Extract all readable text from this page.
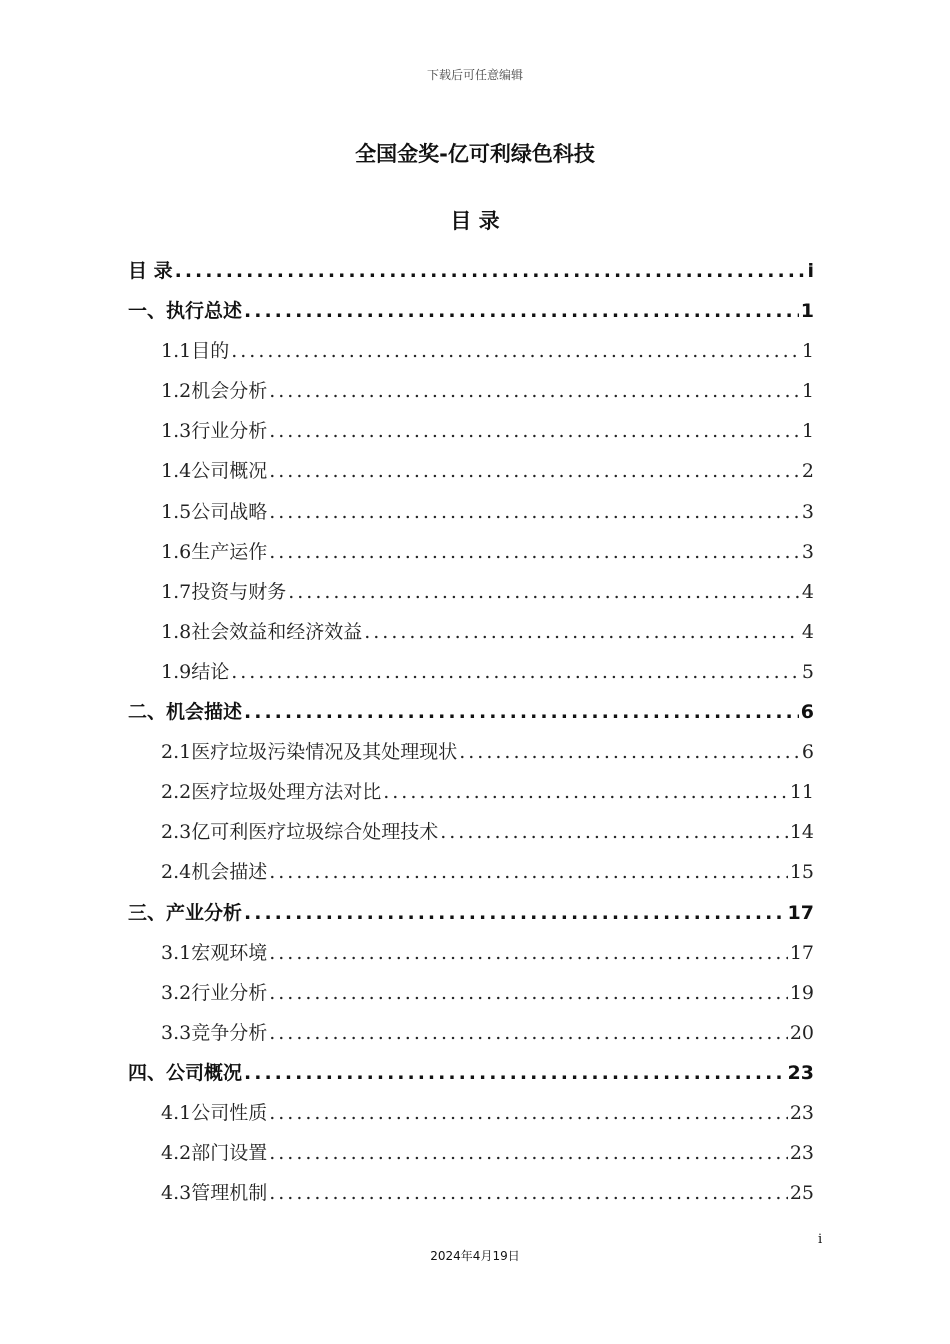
下载后可任意编辑
全国金奖-亿可利绿色科技
目 录
目 录 .....	i
一、执行总述 .....	1
1.1目的 .....	1
1.2机会分析 .....	1
1.3行业分析 .....	1
1.4公司概况 .....	2
1.5公司战略 .....	3
1.6生产运作 .....	3
1.7投资与财务 .....	4
1.8社会效益和经济效益 .....	4
1.9结论 .....	5
二、机会描述 .....	6
2.1医疗垃圾污染情况及其处理现状 .....	6
2.2医疗垃圾处理方法对比 .....	11
2.3亿可利医疗垃圾综合处理技术 .....	14
2.4机会描述 .....	15
三、产业分析 .....	17
3.1宏观环境 .....	17
3.2行业分析 .....	19
3.3竞争分析 .....	20
四、公司概况 .....	23
4.1公司性质 .....	23
4.2部门设置 .....	23
4.3管理机制 .....	25
i
2024年4月19日
